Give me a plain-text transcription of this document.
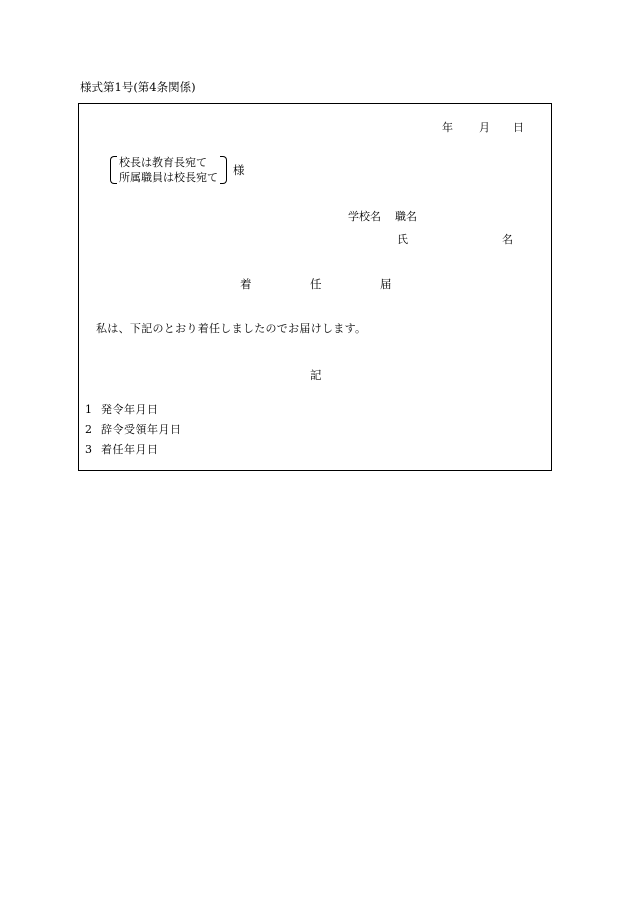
様式第1号(第4条関係)
年 月 日
校長は教育長宛て
所属職員は校長宛て
様
学校名 職名
氏	名
着	任	届
私は、下記のとおり着任しましたのでお届けします。
記
1 発令年月日
2 辞令受領年月日
3 着任年月日
